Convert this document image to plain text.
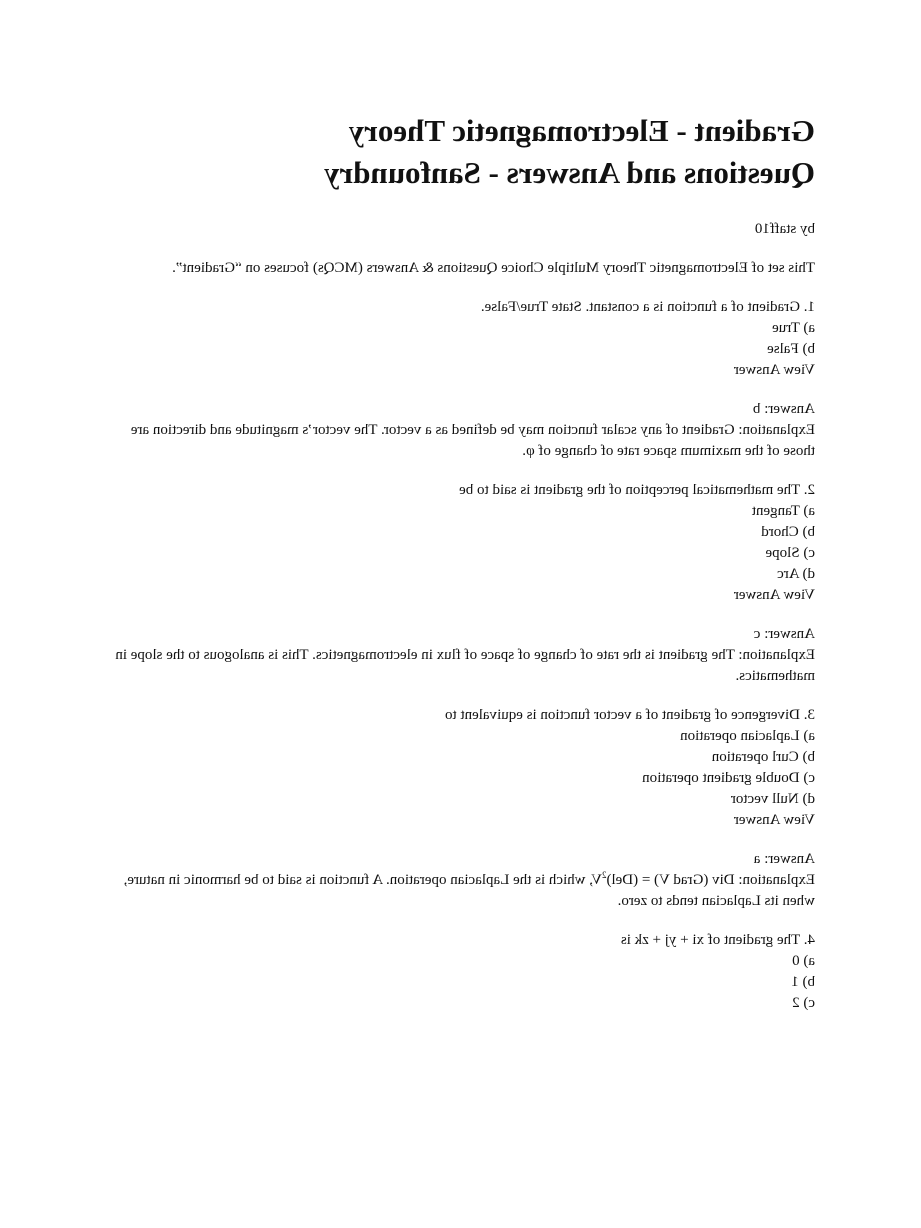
Gradient - Electromagnetic Theory
Questions and Answers - Sanfoundry
by staff10
This set of Electromagnetic Theory Multiple Choice Questions & Answers (MCQs) focuses on “Gradient”.
1. Gradient of a function is a constant. State True/False.
a) True
b) False
View Answer
Answer: b
Explanation: Gradient of any scalar function may be defined as a vector. The vector’s magnitude and direction are those of the maximum space rate of change of φ.
2. The mathematical perception of the gradient is said to be
a) Tangent
b) Chord
c) Slope
d) Arc
View Answer
Answer: c
Explanation: The gradient is the rate of change of space of flux in electromagnetics. This is analogous to the slope in mathematics.
3. Divergence of gradient of a vector function is equivalent to
a) Laplacian operation
b) Curl operation
c) Double gradient operation
d) Null vector
View Answer
Answer: a
Explanation: Div (Grad V) = (Del)$^2$V, which is the Laplacian operation. A function is said to be harmonic in nature, when its Laplacian tends to zero.
4. The gradient of xi + yj + zk is
a) 0
b) 1
c) 2
